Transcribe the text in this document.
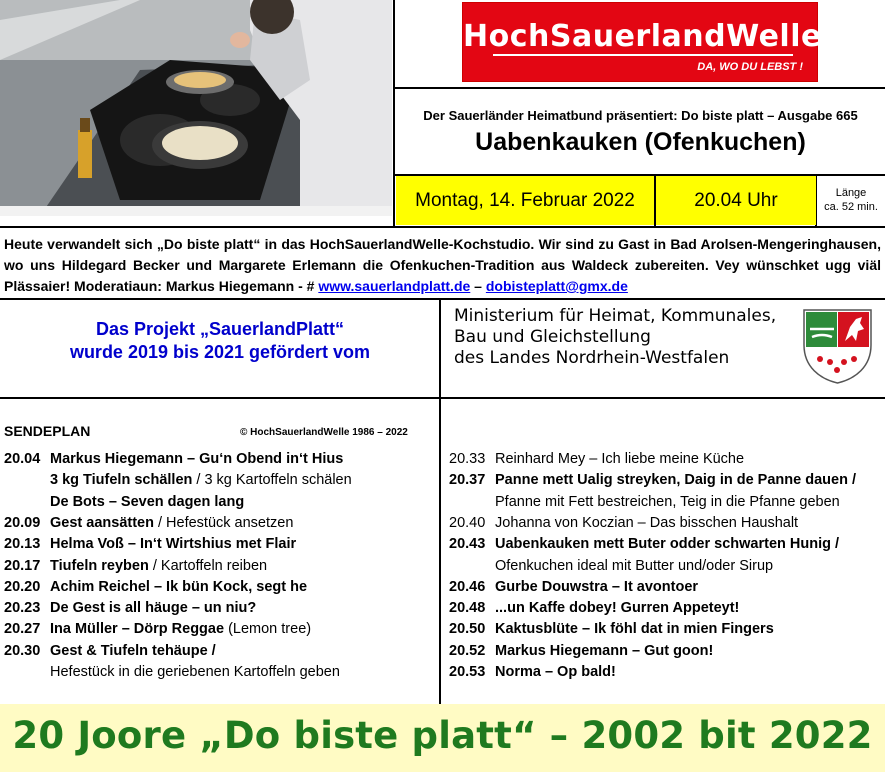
HochSauerlandWelle
DA, WO DU LEBST !
Der Sauerländer Heimatbund präsentiert: Do biste platt – Ausgabe 665
Uabenkauken (Ofenkuchen)
Montag, 14. Februar 2022	20.04 Uhr	Länge
ca. 52 min.
Heute verwandelt sich „Do biste platt“ in das HochSauerlandWelle-Kochstudio. Wir sind zu Gast in Bad Arolsen-Mengeringhausen, wo uns Hildegard Becker und Margarete Erlemann die Ofenkuchen-Tradition aus Waldeck zubereiten. Vey wünschket ugg viäl Plässaier! Moderatiaun: Markus Hiegemann - # www.sauerlandplatt.de – dobisteplatt@gmx.de
Das Projekt „SauerlandPlatt“
wurde 2019 bis 2021 gefördert vom
Ministerium für Heimat, Kommunales,
Bau und Gleichstellung
des Landes Nordrhein-Westfalen
SENDEPLAN	© HochSauerlandWelle 1986 – 2022
20.04 Markus Hiegemann – Gu‘n Obend in‘t Hius
3 kg Tiufeln schällen / 3 kg Kartoffeln schälen
De Bots – Seven dagen lang
20.09 Gest aansätten / Hefestück ansetzen
20.13 Helma Voß – In‘t Wirtshius met Flair
20.17 Tiufeln reyben / Kartoffeln reiben
20.20 Achim Reichel – Ik bün Kock, segt he
20.23 De Gest is all häuge – un niu?
20.27 Ina Müller – Dörp Reggae (Lemon tree)
20.30 Gest & Tiufeln tehäupe /
Hefestück in die geriebenen Kartoffeln geben
20.33 Reinhard Mey – Ich liebe meine Küche
20.37 Panne mett Ualig streyken, Daig in de Panne dauen /
Pfanne mit Fett bestreichen, Teig in die Pfanne geben
20.40 Johanna von Koczian – Das bisschen Haushalt
20.43 Uabenkauken mett Buter odder schwarten Hunig /
Ofenkuchen ideal mit Butter und/oder Sirup
20.46 Gurbe Douwstra – It avontoer
20.48 ...un Kaffe dobey! Gurren Appeteyt!
20.50 Kaktusblüte – Ik föhl dat in mien Fingers
20.52 Markus Hiegemann – Gut goon!
20.53 Norma – Op bald!
20 Joore „Do biste platt“ – 2002 bit 2022
